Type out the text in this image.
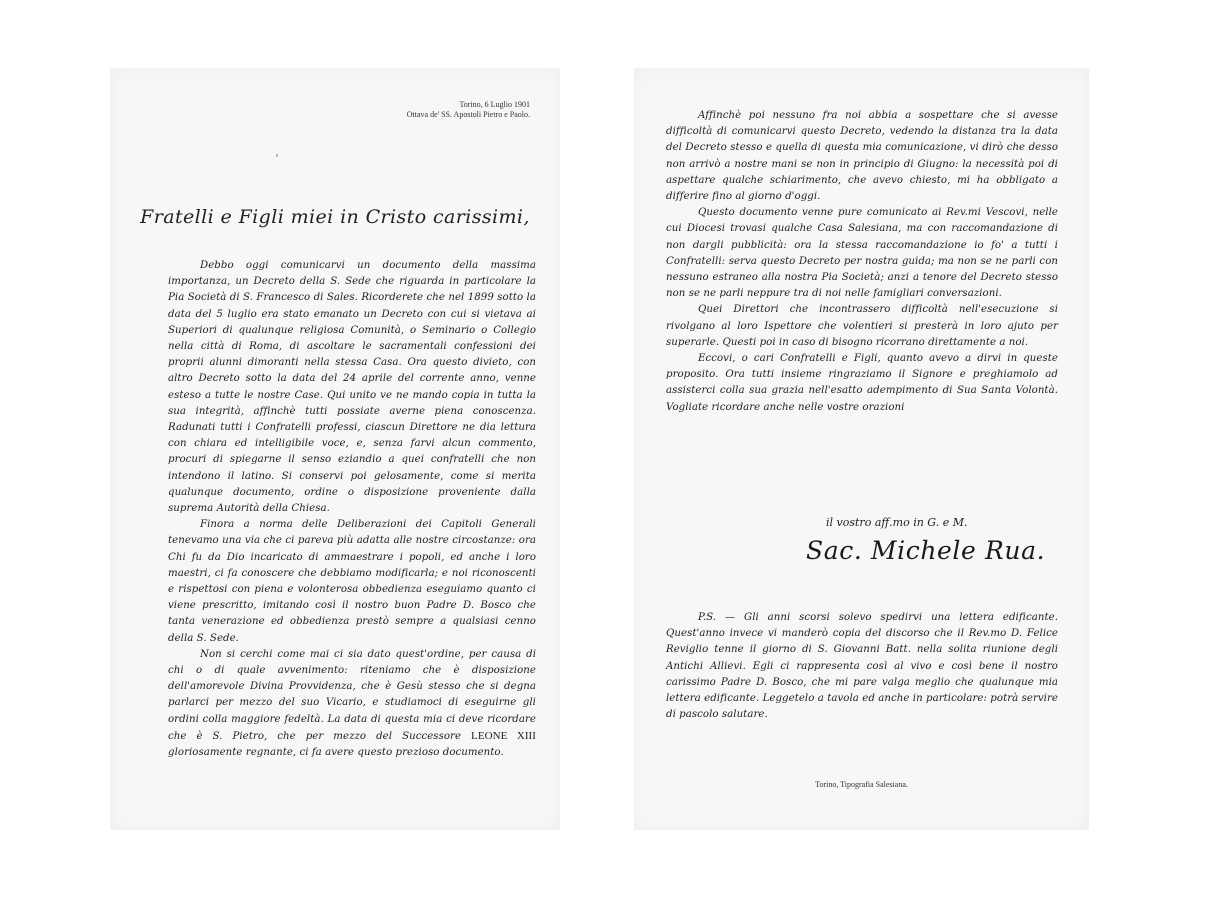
Torino, 6 Luglio 1901
Ottava de' SS. Apostoli Pietro e Paolo.
Fratelli e Figli miei in Cristo carissimi,

Debbo oggi comunicarvi un documento della massima importanza, un Decreto della S. Sede che riguarda in particolare la Pia Società di S. Francesco di Sales. Ricorderete che nel 1899 sotto la data del 5 luglio era stato emanato un Decreto con cui si vietava ai Superiori di qualunque religiosa Comunità, o Seminario o Collegio nella città di Roma, di ascoltare le sacramentali confessioni dei proprii alunni dimoranti nella stessa Casa. Ora questo divieto, con altro Decreto sotto la data del 24 aprile del corrente anno, venne esteso a tutte le nostre Case. Qui unito ve ne mando copia in tutta la sua integrità, affinchè tutti possiate averne piena conoscenza. Radunati tutti i Confratelli professi, ciascun Direttore ne dia lettura con chiara ed intelligibile voce, e, senza farvi alcun commento, procuri di spiegarne il senso eziandio a quei confratelli che non intendono il latino. Si conservi poi gelosamente, come si merita qualunque documento, ordine o disposizione proveniente dalla suprema Autorità della Chiesa.

Finora a norma delle Deliberazioni dei Capitoli Generali tenevamo una via che ci pareva più adatta alle nostre circostanze: ora Chi fu da Dio incaricato di ammaestrare i popoli, ed anche i loro maestri, ci fa conoscere che debbiamo modificarla; e noi riconoscenti e rispettosi con piena e volonterosa obbedienza eseguiamo quanto ci viene prescritto, imitando così il nostro buon Padre D. Bosco che tanta venerazione ed obbedienza prestò sempre a qualsiasi cenno della S. Sede.

Non si cerchi come mai ci sia dato quest'ordine, per causa di chi o di quale avvenimento: riteniamo che è disposizione dell'amorevole Divina Provvidenza, che è Gesù stesso che si degna parlarci per mezzo del suo Vicario, e studiamoci di eseguirne gli ordini colla maggiore fedeltà. La data di questa mia ci deve ricordare che è S. Pietro, che per mezzo del Successore LEONE XIII gloriosamente regnante, ci fa avere questo prezioso documento.

Affinchè poi nessuno fra noi abbia a sospettare che si avesse difficoltà di comunicarvi questo Decreto, vedendo la distanza tra la data del Decreto stesso e quella di questa mia comunicazione, vi dirò che desso non arrivò a nostre mani se non in principio di Giugno: la necessità poi di aspettare qualche schiarimento, che avevo chiesto, mi ha obbligato a differire fino al giorno d'oggi.

Questo documento venne pure comunicato ai Rev.mi Vescovi, nelle cui Diocesi trovasi qualche Casa Salesiana, ma con raccomandazione di non dargli pubblicità: ora la stessa raccomandazione io fo' a tutti i Confratelli: serva questo Decreto per nostra guida; ma non se ne parli con nessuno estraneo alla nostra Pia Società; anzi a tenore del Decreto stesso non se ne parli neppure tra di noi nelle famigliari conversazioni.

Quei Direttori che incontrassero difficoltà nell'esecuzione si rivolgano al loro Ispettore che volentieri si presterà in loro ajuto per superarle. Questi poi in caso di bisogno ricorrano direttamente a noi.

Eccovi, o cari Confratelli e Figli, quanto avevo a dirvi in queste proposito. Ora tutti insieme ringraziamo il Signore e preghiamolo ad assisterci colla sua grazia nell'esatto adempimento di Sua Santa Volontà. Vogliate ricordare anche nelle vostre orazioni

il vostro aff.mo in G. e M.
Sac. Michele Rua.

P.S. — Gli anni scorsi solevo spedirvi una lettera edificante. Quest'anno invece vi manderò copia del discorso che il Rev.mo D. Felice Reviglio tenne il giorno di S. Giovanni Batt. nella solita riunione degli Antichi Allievi. Egli ci rappresenta così al vivo e così bene il nostro carissimo Padre D. Bosco, che mi pare valga meglio che qualunque mia lettera edificante. Leggetelo a tavola ed anche in particolare: potrà servire di pascolo salutare.

Torino, Tipografia Salesiana.
